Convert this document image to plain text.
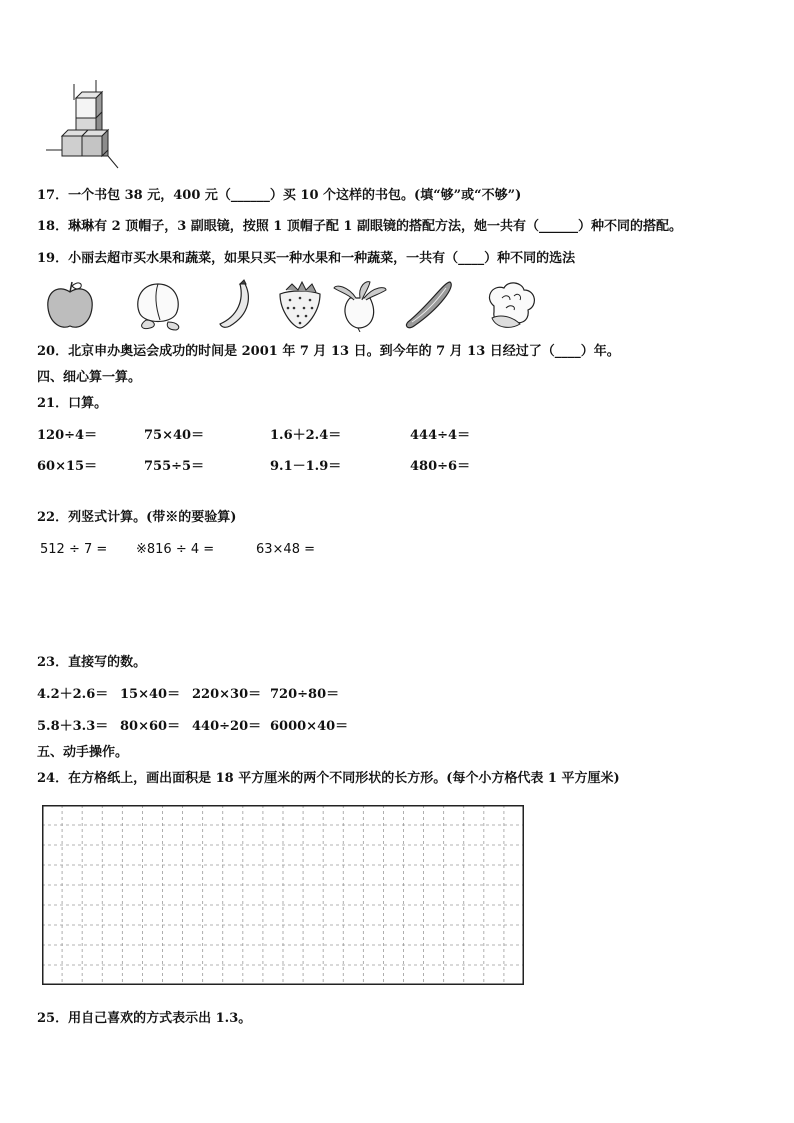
17．一个书包 38 元，400 元（______）买 10 个这样的书包。(填“够”或“不够”)
18．琳琳有 2 顶帽子，3 副眼镜，按照 1 顶帽子配 1 副眼镜的搭配方法，她一共有（______）种不同的搭配。
19．小丽去超市买水果和蔬菜，如果只买一种水果和一种蔬菜，一共有（____）种不同的选法
20．北京申办奥运会成功的时间是 2001 年 7 月 13 日。到今年的 7 月 13 日经过了（____）年。
四、细心算一算。
21．口算。
120÷4＝	75×40＝	1.6＋2.4＝	444÷4＝
60×15＝	755÷5＝	9.1－1.9＝	480÷6＝
22．列竖式计算。(带※的要验算)
512 ÷ 7 = ※816 ÷ 4 =	63×48 =
23．直接写的数。
4.2＋2.6＝ 15×40＝ 220×30＝ 720÷80＝
5.8＋3.3＝ 80×60＝ 440÷20＝ 6000×40＝
五、动手操作。
24．在方格纸上，画出面积是 18 平方厘米的两个不同形状的长方形。(每个小方格代表 1 平方厘米)
25．用自己喜欢的方式表示出 1.3。
